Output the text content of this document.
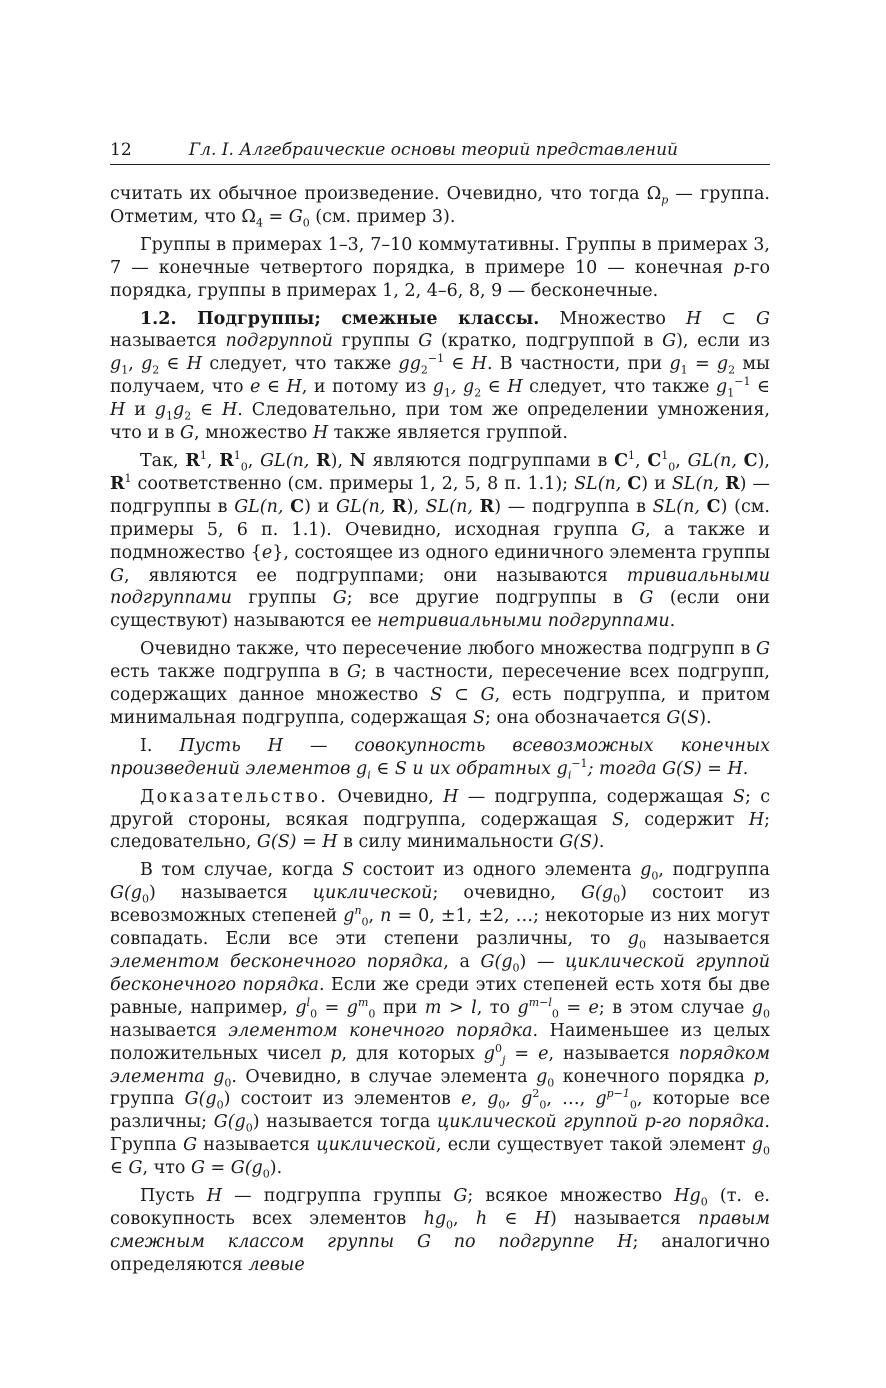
12	Гл. I. Алгебраические основы теорий представлений

считать их обычное произведение. Очевидно, что тогда $\Omega_p$ — группа. Отметим, что $\Omega_4 = G_0$ (см. пример 3).

Группы в примерах 1–3, 7–10 коммутативны. Группы в примерах 3, 7 — конечные четвертого порядка, в примере 10 — конечная p-го порядка, группы в примерах 1, 2, 4–6, 8, 9 — бесконечные.

1.2. Подгруппы; смежные классы. Множество H ⊂ G называется подгруппой группы G (кратко, подгруппой в G), если из $g_1$, $g_2$ ∈ H следует, что также $gg_2^{-1}$ ∈ H. В частности, при $g_1 = g_2$ мы получаем, что e ∈ H, и потому из $g_1$, $g_2$ ∈ H следует, что также $g_1^{-1}$ ∈ H и $g_1g_2$ ∈ H. Следовательно, при том же определении умножения, что и в G, множество H также является группой.

Так, $R^1$, $R^1_0$, GL(n, R), N являются подгруппами в $C^1$, $C^1_0$, GL(n, C), $R^1$ соответственно (см. примеры 1, 2, 5, 8 п. 1.1); SL(n, C) и SL(n, R) — подгруппы в GL(n, C) и GL(n, R), SL(n, R) — подгруппа в SL(n, C) (см. примеры 5, 6 п. 1.1). Очевидно, исходная группа G, а также и подмножество {e}, состоящее из одного единичного элемента группы G, являются ее подгруппами; они называются тривиальными подгруппами группы G; все другие подгруппы в G (если они существуют) называются ее нетривиальными подгруппами.

Очевидно также, что пересечение любого множества подгрупп в G есть также подгруппа в G; в частности, пересечение всех подгрупп, содержащих данное множество S ⊂ G, есть подгруппа, и притом минимальная подгруппа, содержащая S; она обозначается G(S).

I. Пусть H — совокупность всевозможных конечных произведений элементов $g_i$ ∈ S и их обратных $g_i^{-1}$; тогда G(S) = H.

Доказательство. Очевидно, H — подгруппа, содержащая S; с другой стороны, всякая подгруппа, содержащая S, содержит H; следовательно, G(S) = H в силу минимальности G(S).

В том случае, когда S состоит из одного элемента $g_0$, подгруппа $G(g_0)$ называется циклической; очевидно, $G(g_0)$ состоит из всевозможных степеней $g^n_0$, n = 0, ±1, ±2, …; некоторые из них могут совпадать. Если все эти степени различны, то $g_0$ называется элементом бесконечного порядка, а $G(g_0)$ — циклической группой бесконечного порядка. Если же среди этих степеней есть хотя бы две равные, например, $g^l_0 = g^m_0$ при m > l, то $g^{m-l}_0 = e$; в этом случае $g_0$ называется элементом конечного порядка. Наименьшее из целых положительных чисел p, для которых $g^0_j = e$, называется порядком элемента $g_0$. Очевидно, в случае элемента $g_0$ конечного порядка p, группа $G(g_0)$ состоит из элементов e, $g_0$, $g^2_0$, …, $g^{p-1}_0$, которые все различны; $G(g_0)$ называется тогда циклической группой p-го порядка. Группа G называется циклической, если существует такой элемент $g_0$ ∈ G, что $G = G(g_0)$.

Пусть H — подгруппа группы G; всякое множество $Hg_0$ (т. е. совокупность всех элементов $hg_0$, h ∈ H) называется правым смежным классом группы G по подгруппе H; аналогично определяются левые
